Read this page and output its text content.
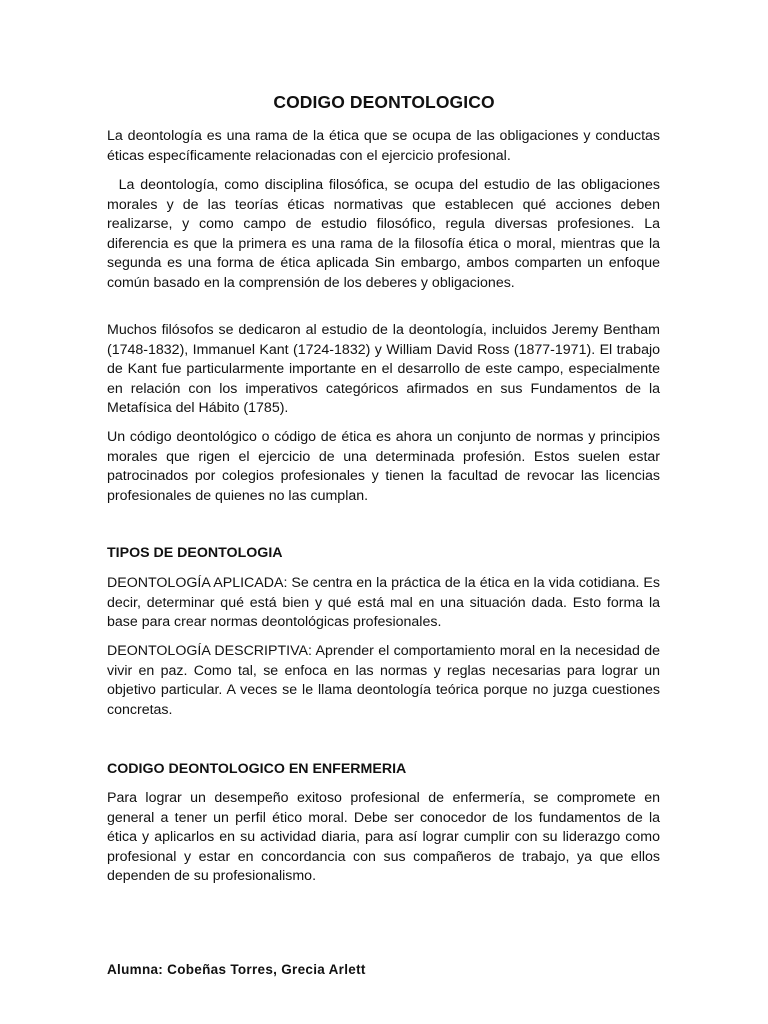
CODIGO DEONTOLOGICO

La deontología es una rama de la ética que se ocupa de las obligaciones y conductas éticas específicamente relacionadas con el ejercicio profesional.

La deontología, como disciplina filosófica, se ocupa del estudio de las obligaciones morales y de las teorías éticas normativas que establecen qué acciones deben realizarse, y como campo de estudio filosófico, regula diversas profesiones. La diferencia es que la primera es una rama de la filosofía ética o moral, mientras que la segunda es una forma de ética aplicada Sin embargo, ambos comparten un enfoque común basado en la comprensión de los deberes y obligaciones.

Muchos filósofos se dedicaron al estudio de la deontología, incluidos Jeremy Bentham (1748-1832), Immanuel Kant (1724-1832) y William David Ross (1877-1971). El trabajo de Kant fue particularmente importante en el desarrollo de este campo, especialmente en relación con los imperativos categóricos afirmados en sus Fundamentos de la Metafísica del Hábito (1785).

Un código deontológico o código de ética es ahora un conjunto de normas y principios morales que rigen el ejercicio de una determinada profesión. Estos suelen estar patrocinados por colegios profesionales y tienen la facultad de revocar las licencias profesionales de quienes no las cumplan.

TIPOS DE DEONTOLOGIA

DEONTOLOGÍA APLICADA: Se centra en la práctica de la ética en la vida cotidiana. Es decir, determinar qué está bien y qué está mal en una situación dada. Esto forma la base para crear normas deontológicas profesionales.

DEONTOLOGÍA DESCRIPTIVA: Aprender el comportamiento moral en la necesidad de vivir en paz. Como tal, se enfoca en las normas y reglas necesarias para lograr un objetivo particular. A veces se le llama deontología teórica porque no juzga cuestiones concretas.

CODIGO DEONTOLOGICO EN ENFERMERIA

Para lograr un desempeño exitoso profesional de enfermería, se compromete en general a tener un perfil ético moral. Debe ser conocedor de los fundamentos de la ética y aplicarlos en su actividad diaria, para así lograr cumplir con su liderazgo como profesional y estar en concordancia con sus compañeros de trabajo, ya que ellos dependen de su profesionalismo.

Alumna: Cobeñas Torres, Grecia Arlett
